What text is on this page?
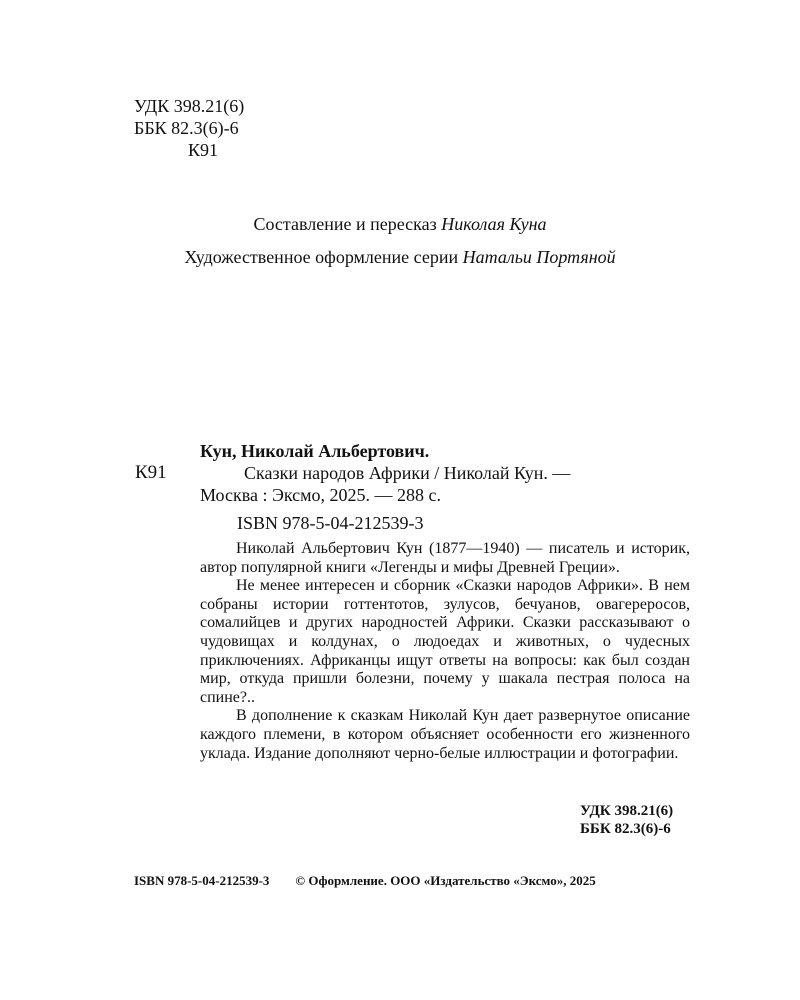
УДК 398.21(6)
ББК 82.3(6)-6
К91
Составление и пересказ Николая Куна
Художественное оформление серии Натальи Портяной
К91
Кун, Николай Альбертович.
Сказки народов Африки / Николай Кун. —
Москва : Эксмо, 2025. — 288 с.
ISBN 978-5-04-212539-3

Николай Альбертович Кун (1877—1940) — писатель и историк, автор популярной книги «Легенды и мифы Древней Греции».

Не менее интересен и сборник «Сказки народов Африки». В нем собраны истории готтентотов, зулусов, бечуанов, овагереросов, сомалийцев и других народностей Африки. Сказки рассказывают о чудовищах и колдунах, о людоедах и животных, о чудесных приключениях. Африканцы ищут ответы на вопросы: как был создан мир, откуда пришли болезни, почему у шакала пестрая полоса на спине?..

В дополнение к сказкам Николай Кун дает развернутое описание каждого племени, в котором объясняет особенности его жизненного уклада. Издание дополняют черно-белые иллюстрации и фотографии.

УДК 398.21(6)
ББК 82.3(6)-6
ISBN 978-5-04-212539-3 © Оформление. ООО «Издательство «Эксмо», 2025
